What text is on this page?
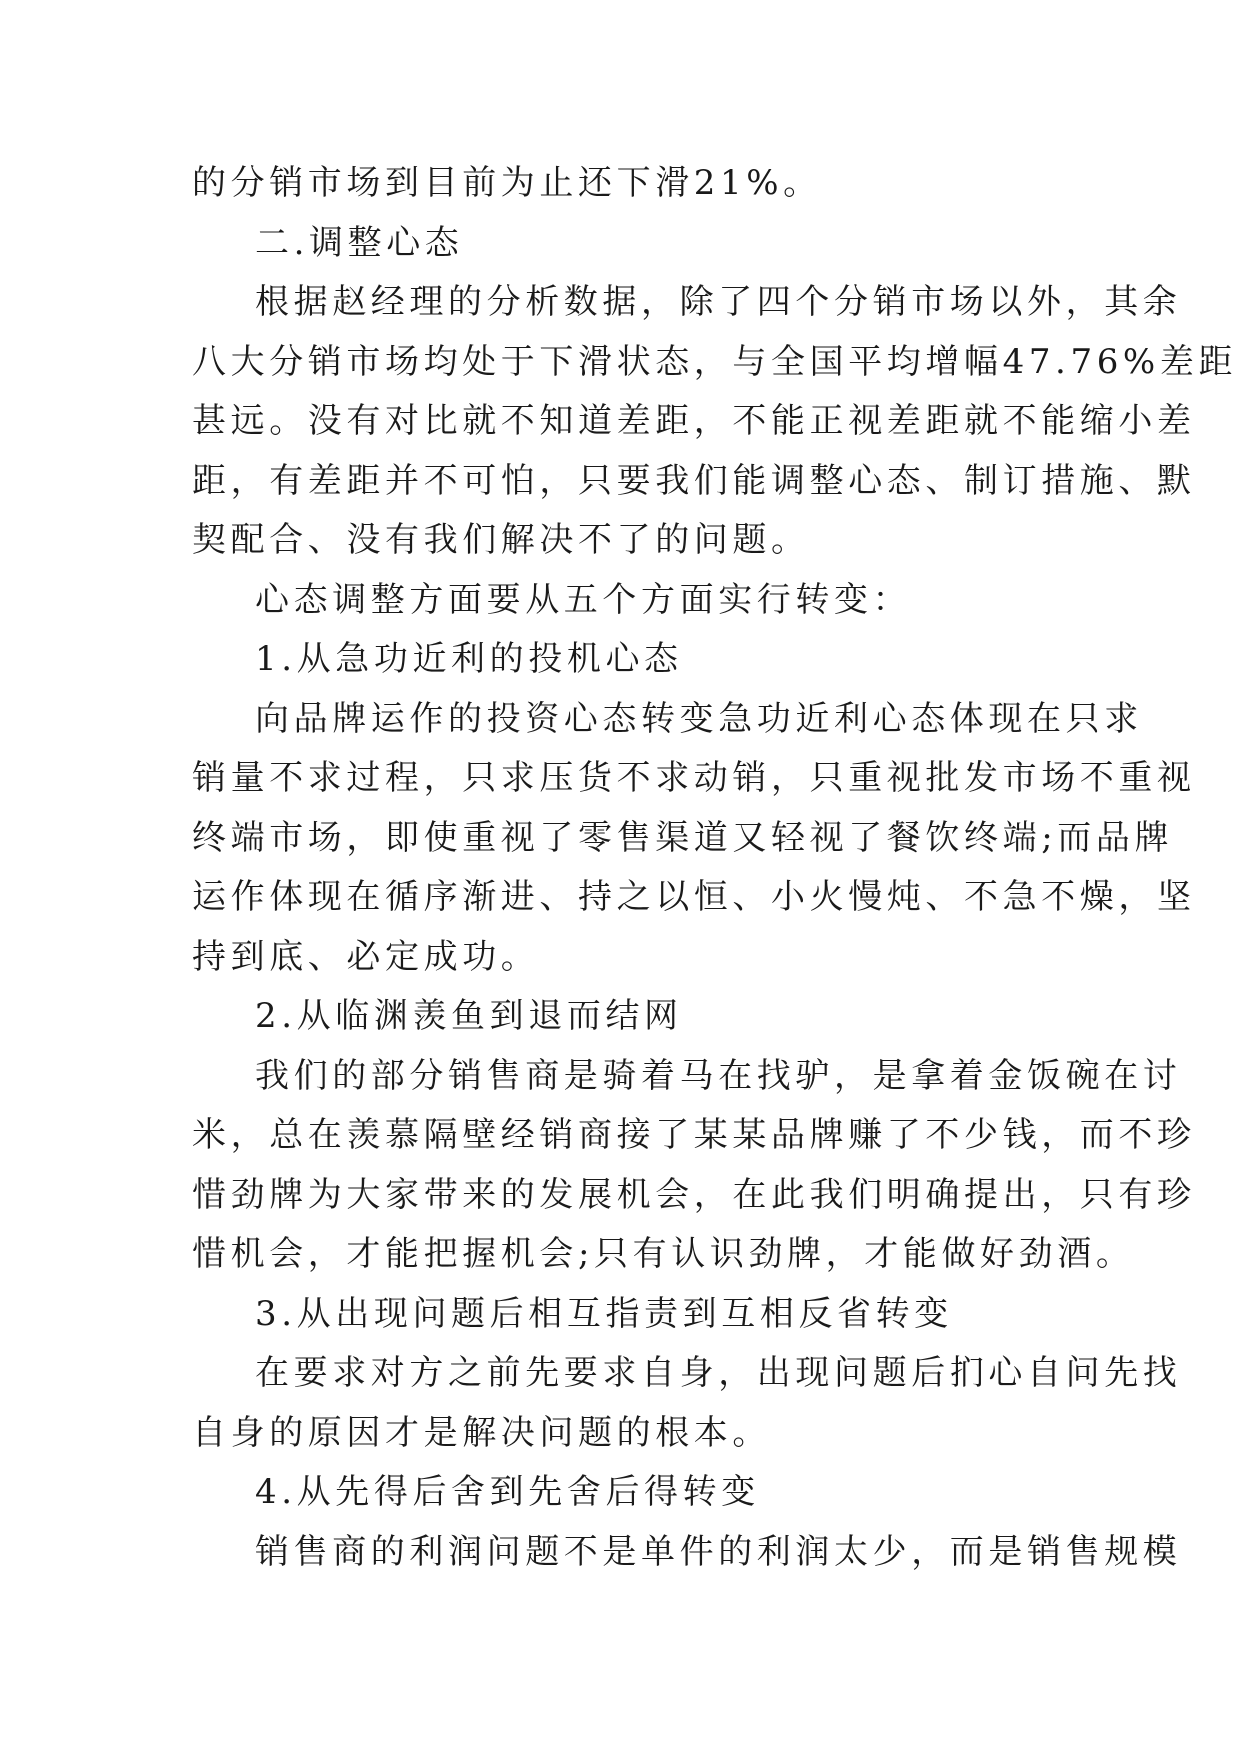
的分销市场到目前为止还下滑21%。
二.调整心态
根据赵经理的分析数据，除了四个分销市场以外，其余
八大分销市场均处于下滑状态，与全国平均增幅47.76%差距
甚远。没有对比就不知道差距，不能正视差距就不能缩小差
距，有差距并不可怕，只要我们能调整心态、制订措施、默
契配合、没有我们解决不了的问题。
心态调整方面要从五个方面实行转变：
1.从急功近利的投机心态
向品牌运作的投资心态转变急功近利心态体现在只求
销量不求过程，只求压货不求动销，只重视批发市场不重视
终端市场，即使重视了零售渠道又轻视了餐饮终端;而品牌
运作体现在循序渐进、持之以恒、小火慢炖、不急不燥，坚
持到底、必定成功。
2.从临渊羡鱼到退而结网
我们的部分销售商是骑着马在找驴，是拿着金饭碗在讨
米，总在羡慕隔壁经销商接了某某品牌赚了不少钱，而不珍
惜劲牌为大家带来的发展机会，在此我们明确提出，只有珍
惜机会，才能把握机会;只有认识劲牌，才能做好劲酒。
3.从出现问题后相互指责到互相反省转变
在要求对方之前先要求自身，出现问题后扪心自问先找
自身的原因才是解决问题的根本。
4.从先得后舍到先舍后得转变
销售商的利润问题不是单件的利润太少，而是销售规模
